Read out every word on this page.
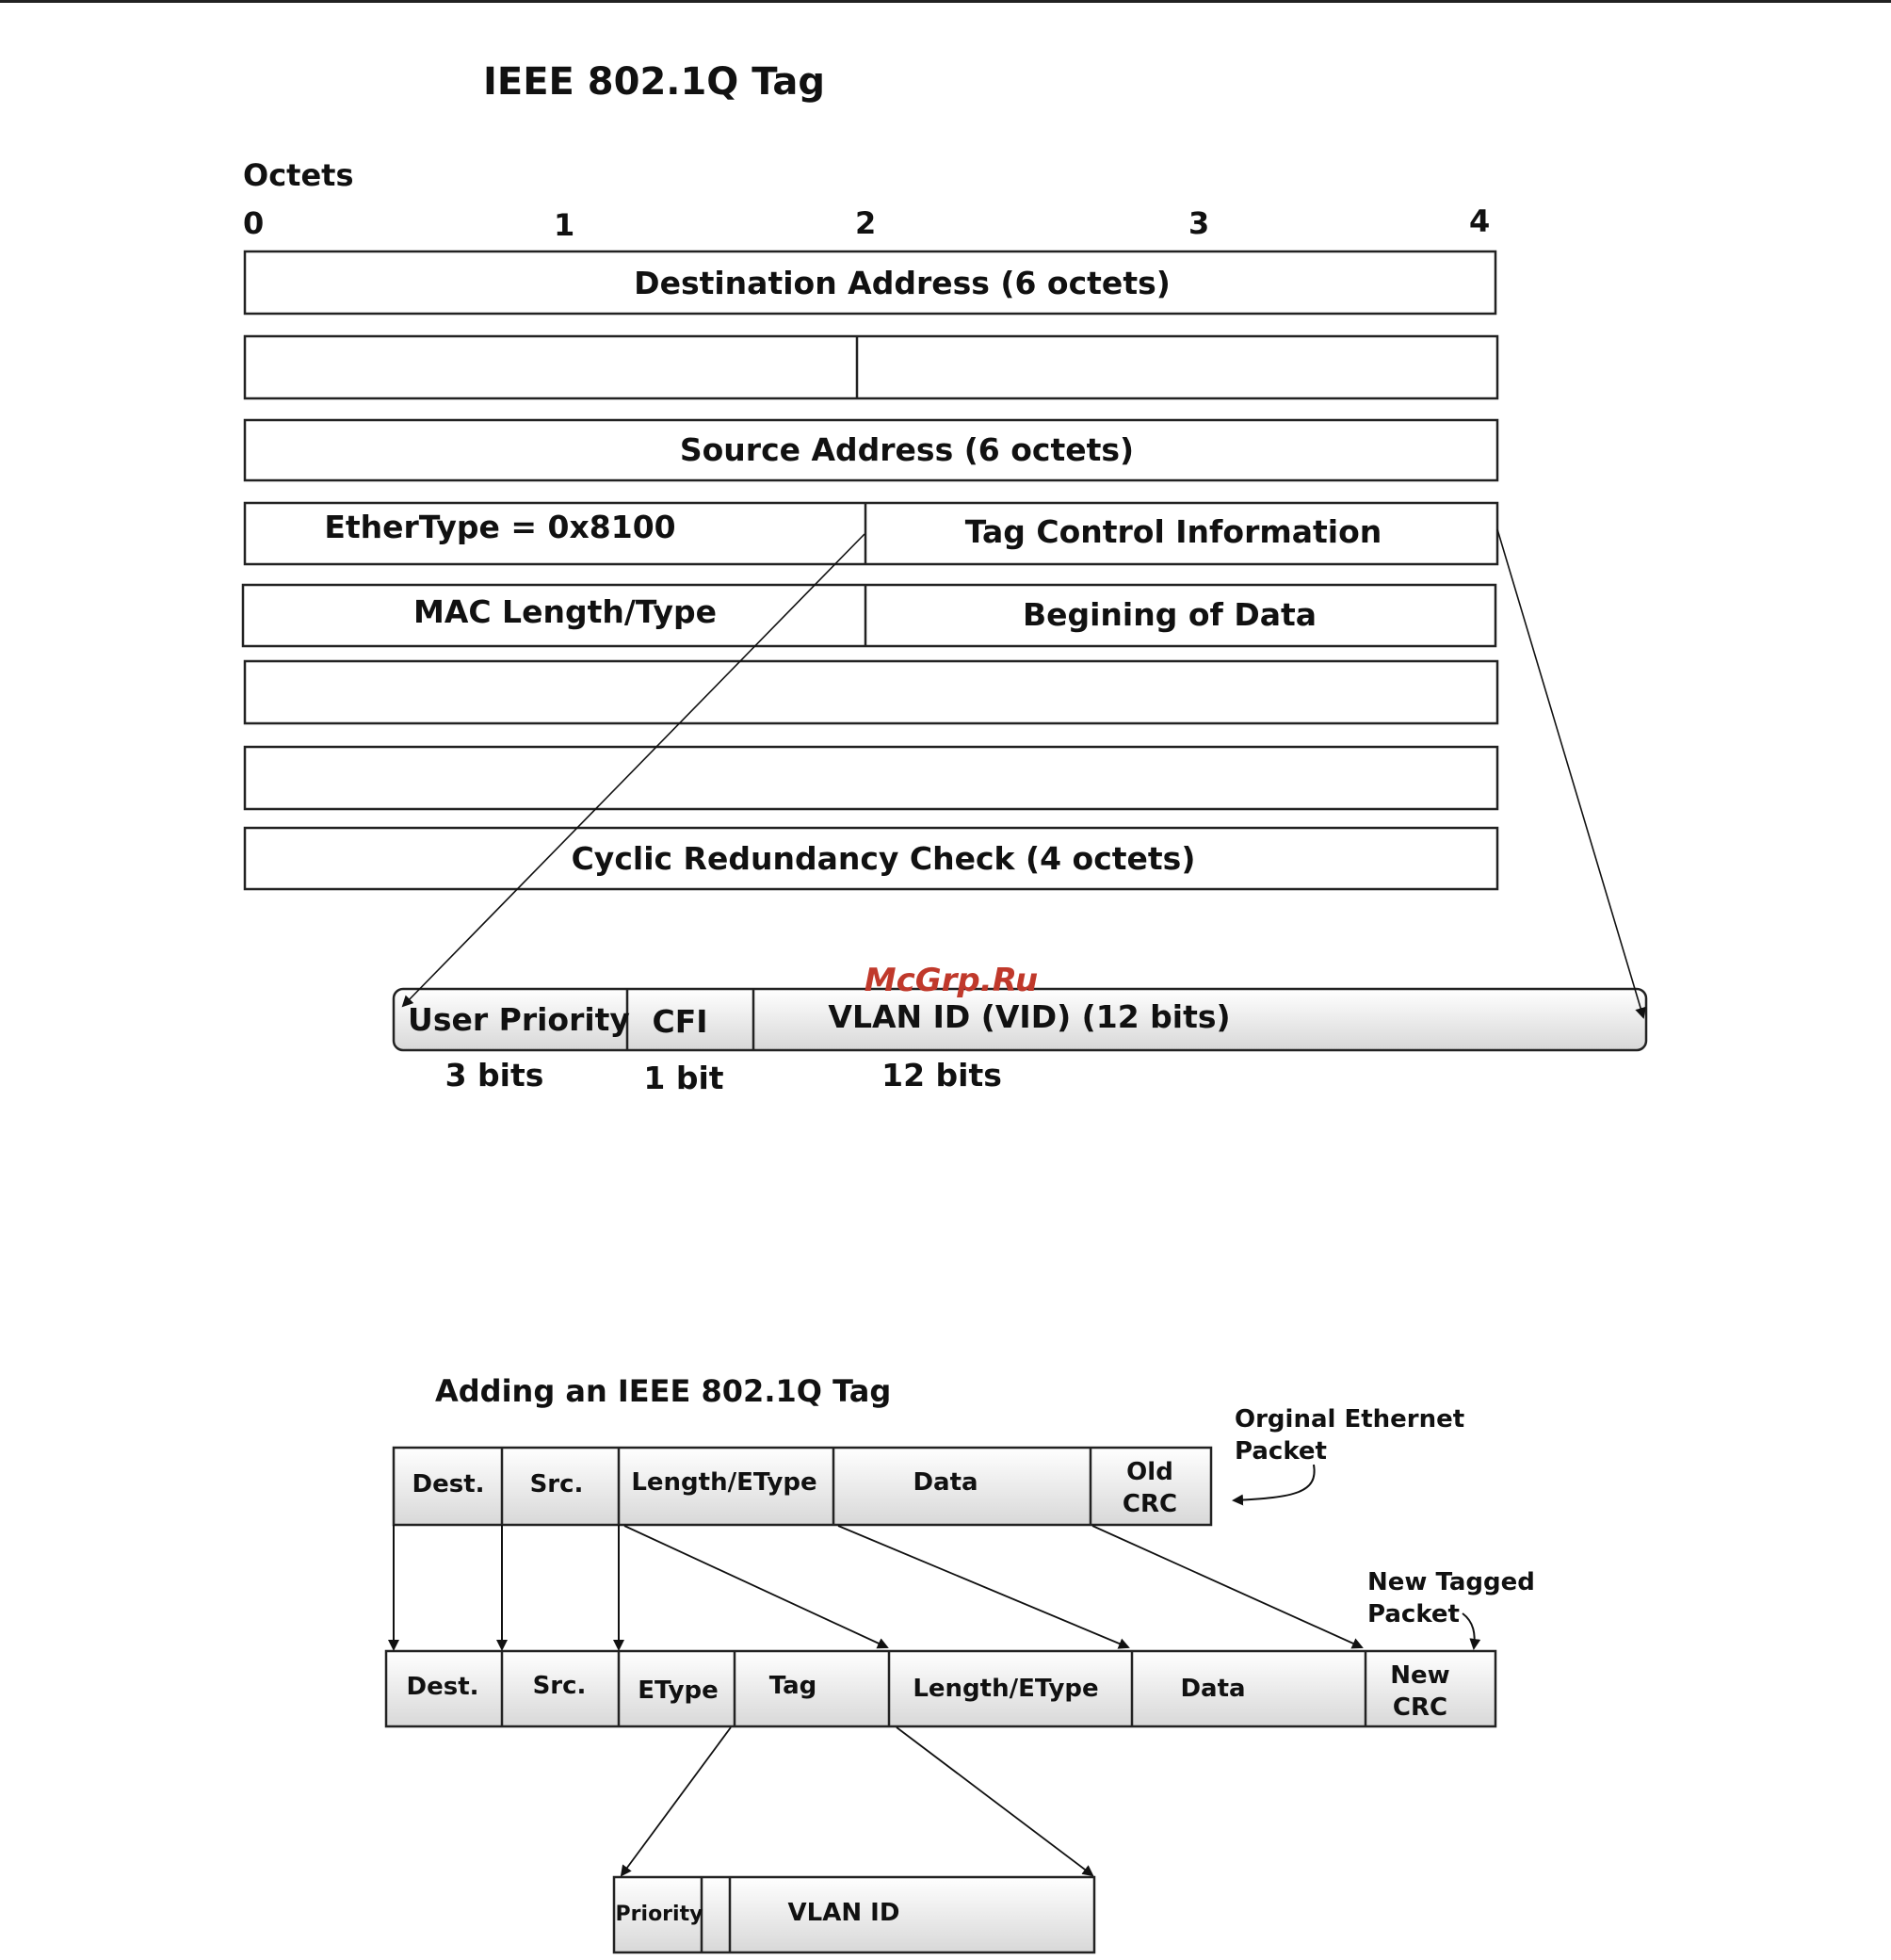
IEEE 802.1Q Tag
Octets
0	1	2	3	4
Destination Address (6 octets)
Source Address (6 octets)
EtherType = 0x8100	Tag Control Information
MAC Length/Type	Begining of Data
Cyclic Redundancy Check (4 octets)
McGrp.Ru
User Priority CFI	VLAN ID (VID) (12 bits)
3 bits	1 bit	12 bits
Adding an IEEE 802.1Q Tag
Orginal Ethernet
Packet
Dest. Src. Length/EType	Data	Old
CRC
New Tagged
Packet
Dest. Src. EType Tag	Length/EType	Data	New
CRC
Priority	VLAN ID
